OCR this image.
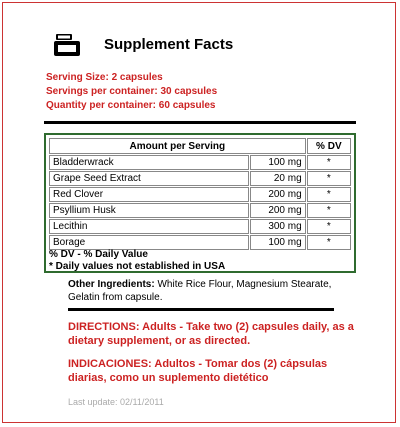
Supplement Facts
Serving Size: 2 capsules
Servings per container: 30 capsules
Quantity per container: 60 capsules
Amount per Serving		% DV
Bladderwrack	100 mg	*
Grape Seed Extract	20 mg	*
Red Clover	200 mg	*
Psyllium Husk	200 mg	*
Lecithin	300 mg	*
Borage	100 mg	*
% DV - % Daily Value
* Daily values not established in USA
Other Ingredients: White Rice Flour, Magnesium Stearate, Gelatin from capsule.
DIRECTIONS: Adults - Take two (2) capsules daily, as a dietary supplement, or as directed.
INDICACIONES: Adultos - Tomar dos (2) cápsulas diarias, como un suplemento dietético
Last update: 02/11/2011
